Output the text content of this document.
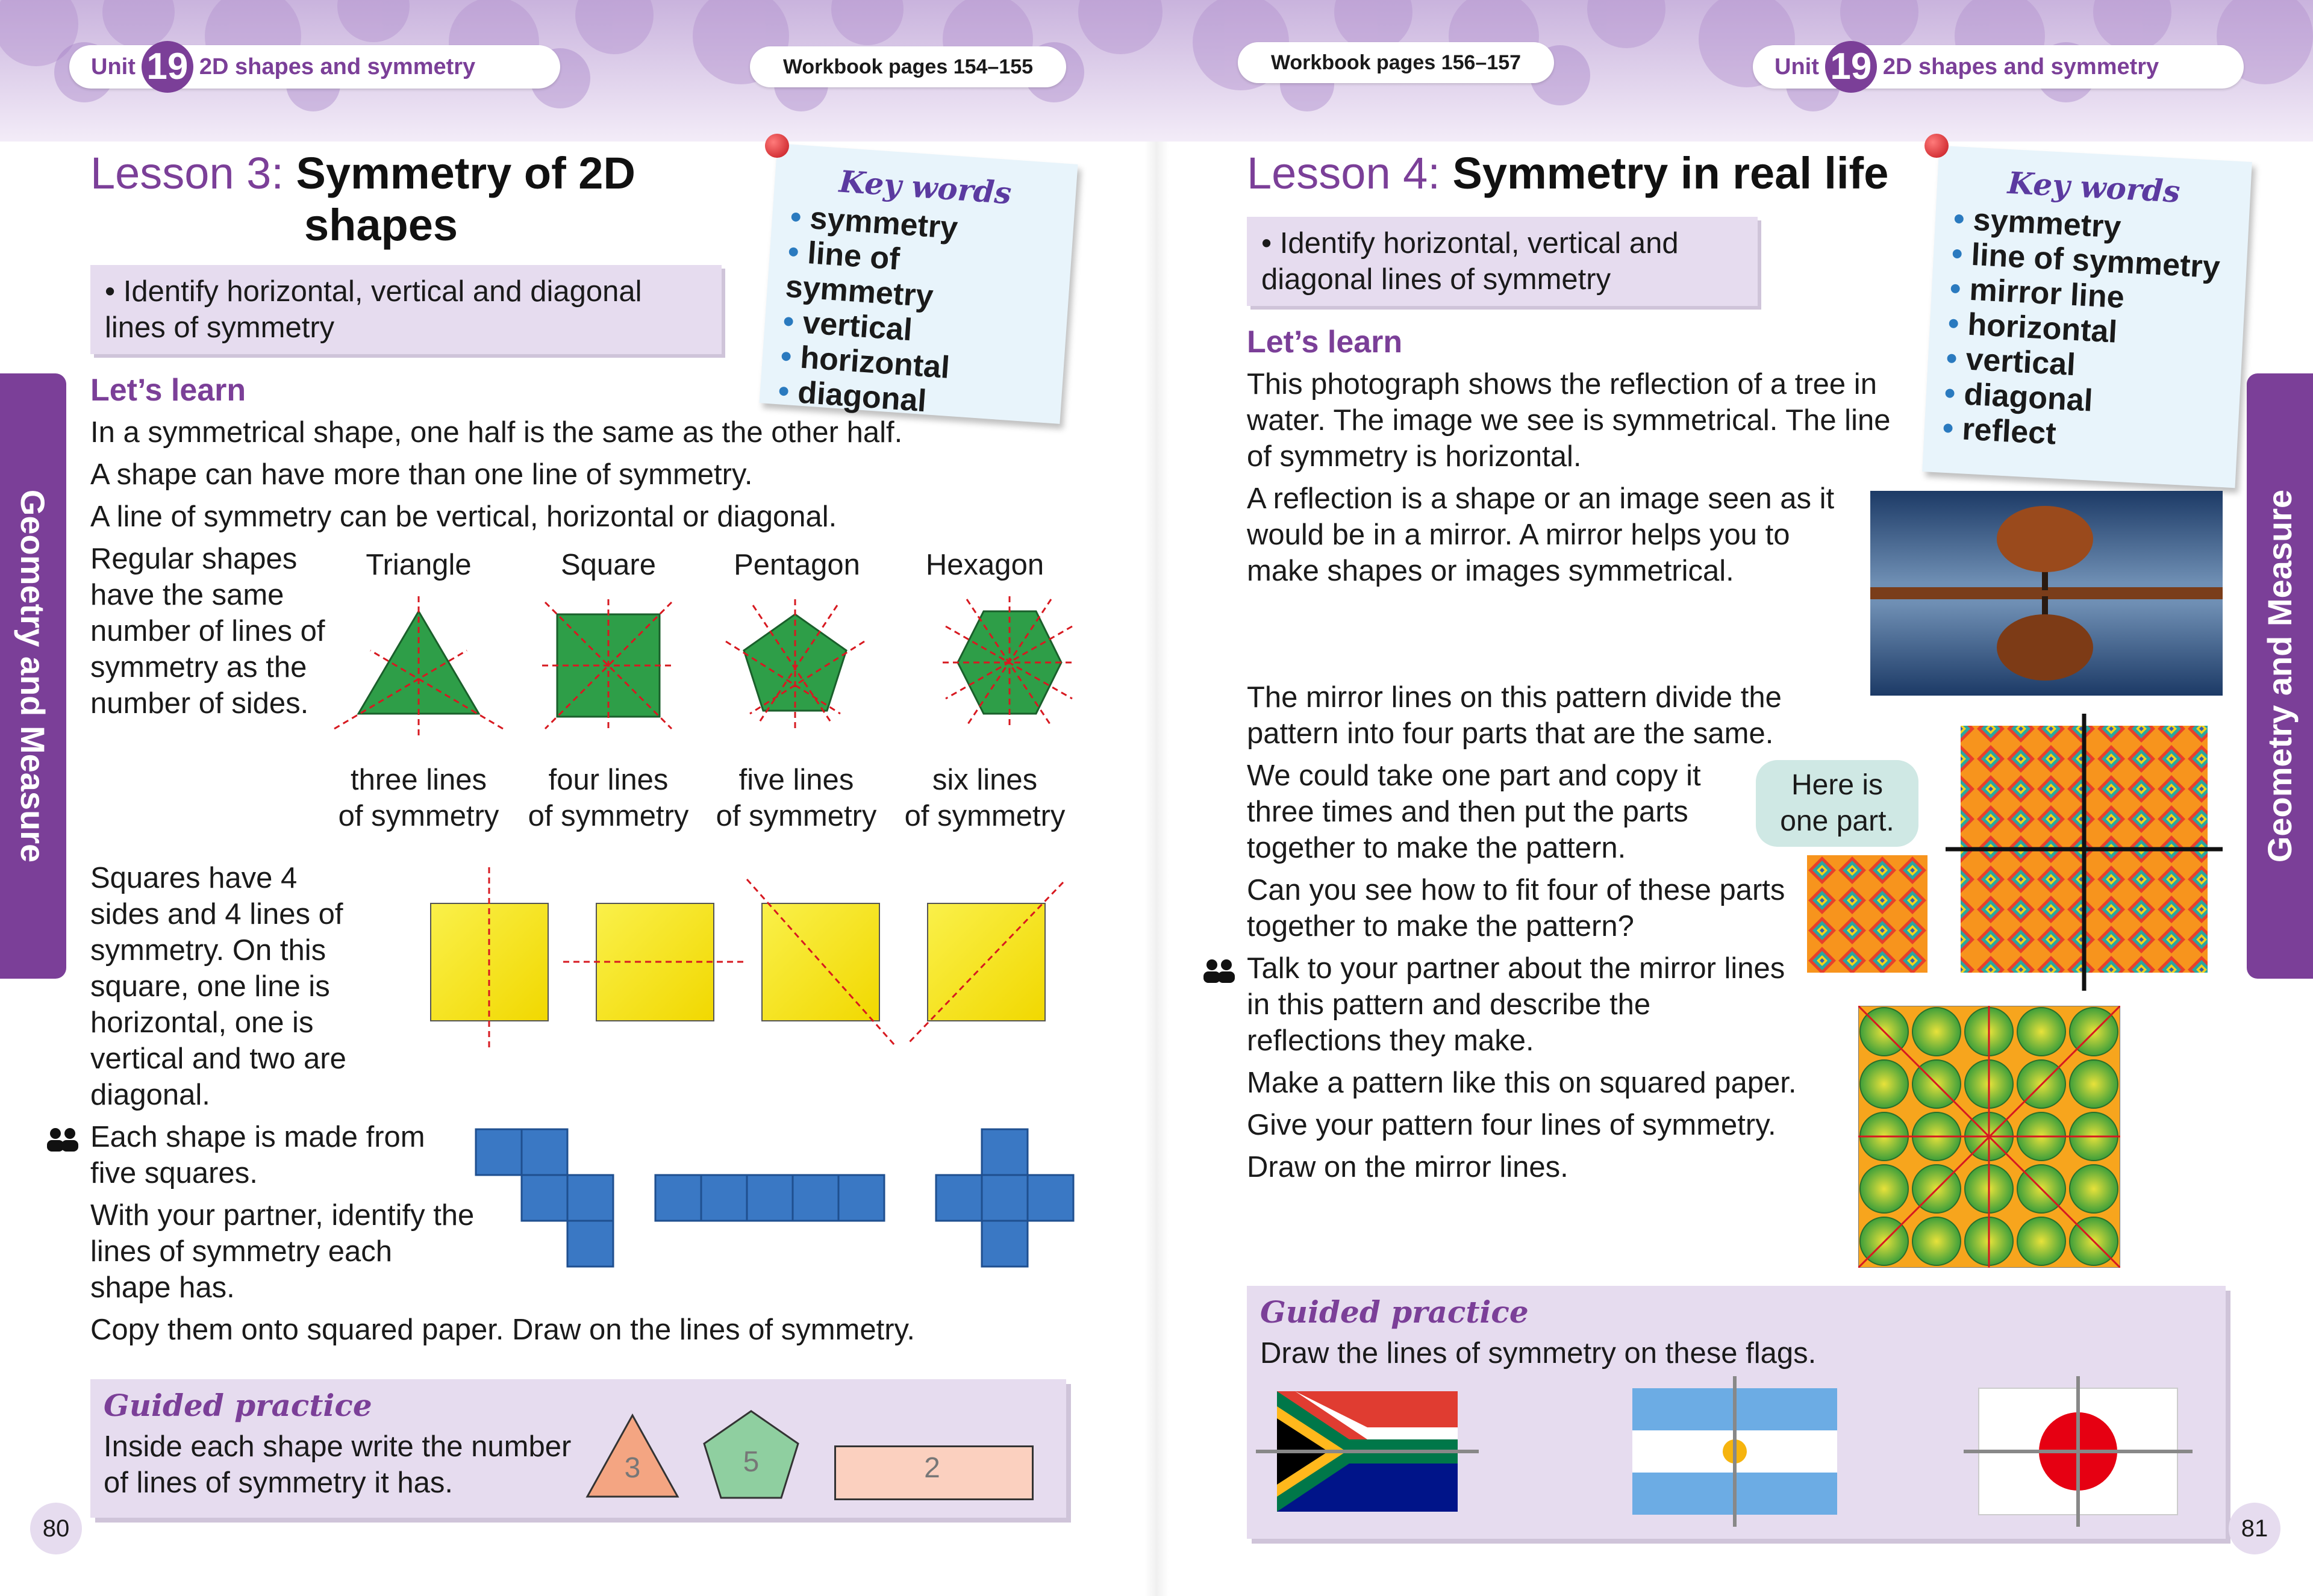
Unit 19 2D shapes and symmetry	Workbook pages 154–155	Workbook pages 156–157	Unit 19 2D shapes and symmetry
Geometry and Measure
Lesson 3: Symmetry of 2D
shapes
• Identify horizontal, vertical and diagonal lines of symmetry
Key words
• symmetry
• line of symmetry
• vertical
• horizontal
• diagonal
Let’s learn
In a symmetrical shape, one half is the same as the other half.
A shape can have more than one line of symmetry.
A line of symmetry can be vertical, horizontal or diagonal.
Regular shapes have the same number of lines of symmetry as the number of sides.
Triangle	Square	Pentagon	Hexagon
three lines
of symmetry
four lines
of symmetry
five lines
of symmetry
six lines
of symmetry
Squares have 4 sides and 4 lines of symmetry. On this square, one line is horizontal, one is vertical and two are diagonal.
Each shape is made from five squares.
With your partner, identify the lines of symmetry each shape has.
Copy them onto squared paper. Draw on the lines of symmetry.
Guided practice
Inside each shape write the number of lines of symmetry it has.	3	5	2
80
Geometry and Measure
Lesson 4: Symmetry in real life
• Identify horizontal, vertical and diagonal lines of symmetry
Key words
• symmetry
• line of symmetry
• mirror line
• horizontal
• vertical
• diagonal
• reflect
Let’s learn
This photograph shows the reflection of a tree in water. The image we see is symmetrical. The line of symmetry is horizontal.
A reflection is a shape or an image seen as it would be in a mirror. A mirror helps you to make shapes or images symmetrical.
The mirror lines on this pattern divide the pattern into four parts that are the same.
We could take one part and copy it three times and then put the parts together to make the pattern.
Here is one part.
Can you see how to fit four of these parts together to make the pattern?
Talk to your partner about the mirror lines in this pattern and describe the reflections they make.
Make a pattern like this on squared paper.
Give your pattern four lines of symmetry.
Draw on the mirror lines.
Guided practice
Draw the lines of symmetry on these flags.
81
